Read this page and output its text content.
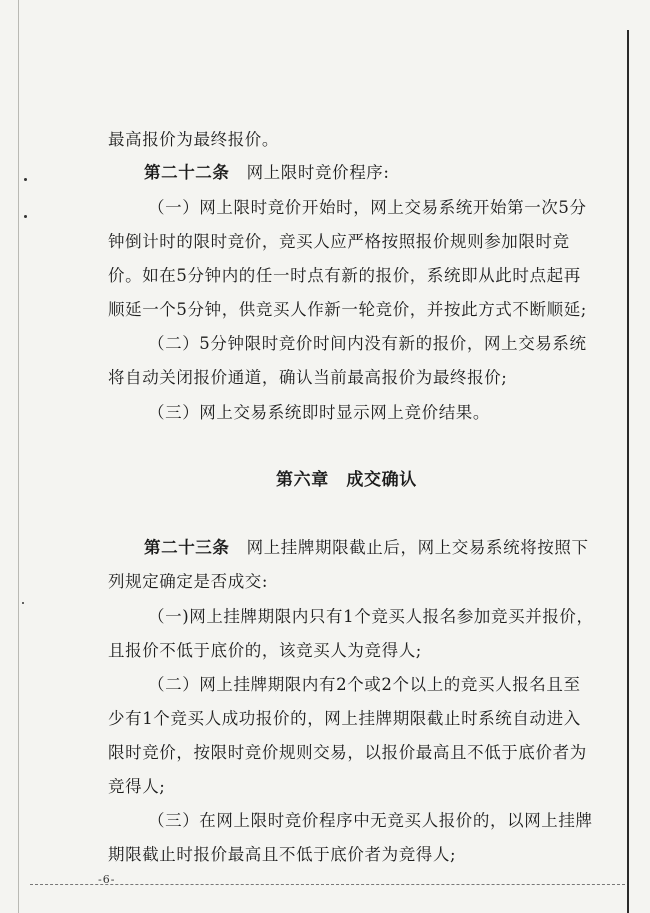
最高报价为最终报价。
第二十二条　 网上限时竞价程序:
（一）网上限时竞价开始时，网上交易系统开始第一次5分
钟倒计时的限时竞价，竞买人应严格按照报价规则参加限时竞
价。如在5分钟内的任一时点有新的报价，系统即从此时点起再
顺延一个5分钟，供竞买人作新一轮竞价，并按此方式不断顺延;
（二）5分钟限时竞价时间内没有新的报价，网上交易系统
将自动关闭报价通道，确认当前最高报价为最终报价;
（三）网上交易系统即时显示网上竞价结果。
第六章　成交确认
第二十三条　 网上挂牌期限截止后，网上交易系统将按照下
列规定确定是否成交:
（一)网上挂牌期限内只有1个竞买人报名参加竞买并报价，
且报价不低于底价的，该竞买人为竞得人;
（二）网上挂牌期限内有2个或2个以上的竞买人报名且至
少有1个竞买人成功报价的，网上挂牌期限截止时系统自动进入
限时竞价，按限时竞价规则交易，以报价最高且不低于底价者为
竞得人;
（三）在网上限时竞价程序中无竞买人报价的，以网上挂牌
期限截止时报价最高且不低于底价者为竞得人;
-6-
